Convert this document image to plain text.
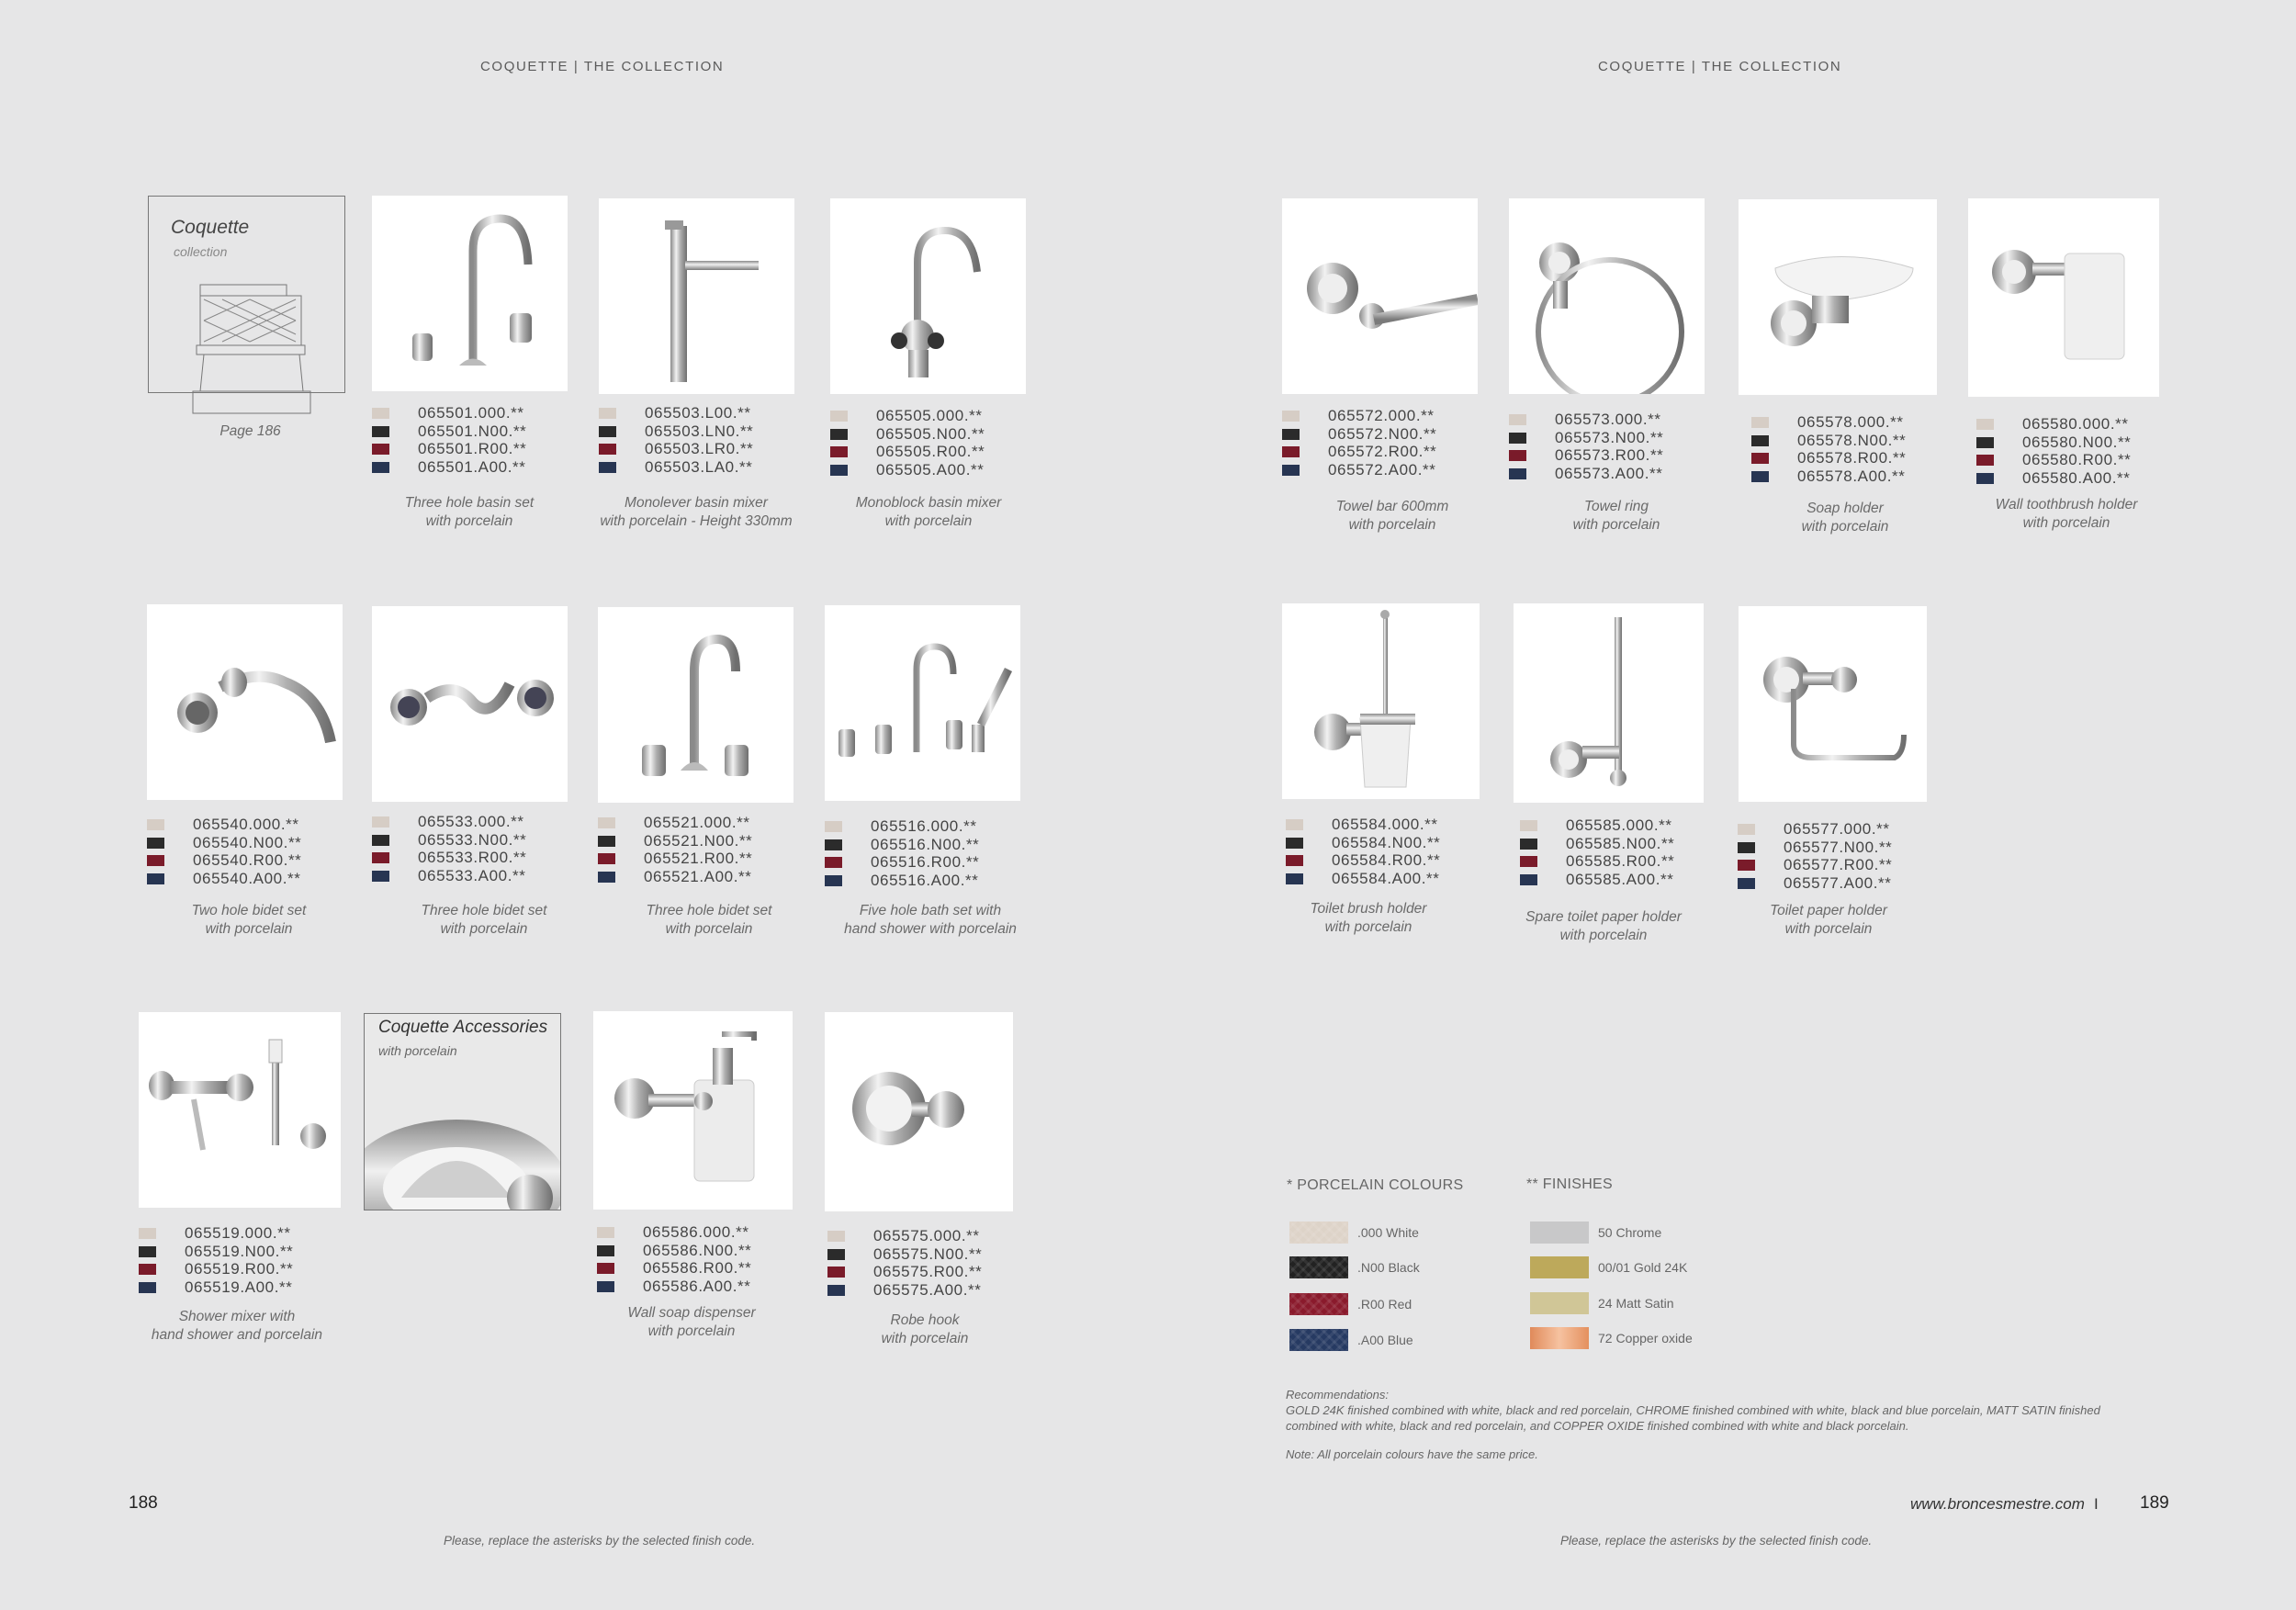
COQUETTE | THE COLLECTION	COQUETTE | THE COLLECTION
Coquette
collection
Page 186
Coquette Accessories
with porcelain
065501.000.**
065501.N00.**
065501.R00.**
065501.A00.**
Three hole basin set
with porcelain
065503.L00.**
065503.LN0.**
065503.LR0.**
065503.LA0.**
Monolever basin mixer
with porcelain - Height 330mm
065505.000.**
065505.N00.**
065505.R00.**
065505.A00.**
Monoblock basin mixer
with porcelain
065540.000.**
065540.N00.**
065540.R00.**
065540.A00.**
Two hole bidet set
with porcelain
065533.000.**
065533.N00.**
065533.R00.**
065533.A00.**
Three hole bidet set
with porcelain
065521.000.**
065521.N00.**
065521.R00.**
065521.A00.**
Three hole bidet set
with porcelain
065516.000.**
065516.N00.**
065516.R00.**
065516.A00.**
Five hole bath set with
hand shower with porcelain
065519.000.**
065519.N00.**
065519.R00.**
065519.A00.**
Shower mixer with
hand shower and porcelain
065586.000.**
065586.N00.**
065586.R00.**
065586.A00.**
Wall soap dispenser
with porcelain
065575.000.**
065575.N00.**
065575.R00.**
065575.A00.**
Robe hook
with porcelain
065572.000.**
065572.N00.**
065572.R00.**
065572.A00.**
Towel bar 600mm
with porcelain
065573.000.**
065573.N00.**
065573.R00.**
065573.A00.**
Towel ring
with porcelain
065578.000.**
065578.N00.**
065578.R00.**
065578.A00.**
Soap holder
with porcelain
065580.000.**
065580.N00.**
065580.R00.**
065580.A00.**
Wall toothbrush holder
with porcelain
065584.000.**
065584.N00.**
065584.R00.**
065584.A00.**
Toilet brush holder
with porcelain
065585.000.**
065585.N00.**
065585.R00.**
065585.A00.**
Spare toilet paper holder
with porcelain
065577.000.**
065577.N00.**
065577.R00.**
065577.A00.**
Toilet paper holder
with porcelain
* PORCELAIN COLOURS	** FINISHES
.000 White
.N00 Black
.R00 Red
.A00 Blue
50 Chrome
00/01 Gold 24K
24 Matt Satin
72 Copper oxide
Recommendations:
GOLD 24K finished combined with white, black and red porcelain, CHROME finished combined with white, black and blue porcelain, MATT SATIN finished
combined with white, black and red porcelain, and COPPER OXIDE finished combined with white and black porcelain.
Note: All porcelain colours have the same price.
188	189
www.broncesmestre.com I
Please, replace the asterisks by the selected finish code.	Please, replace the asterisks by the selected finish code.
